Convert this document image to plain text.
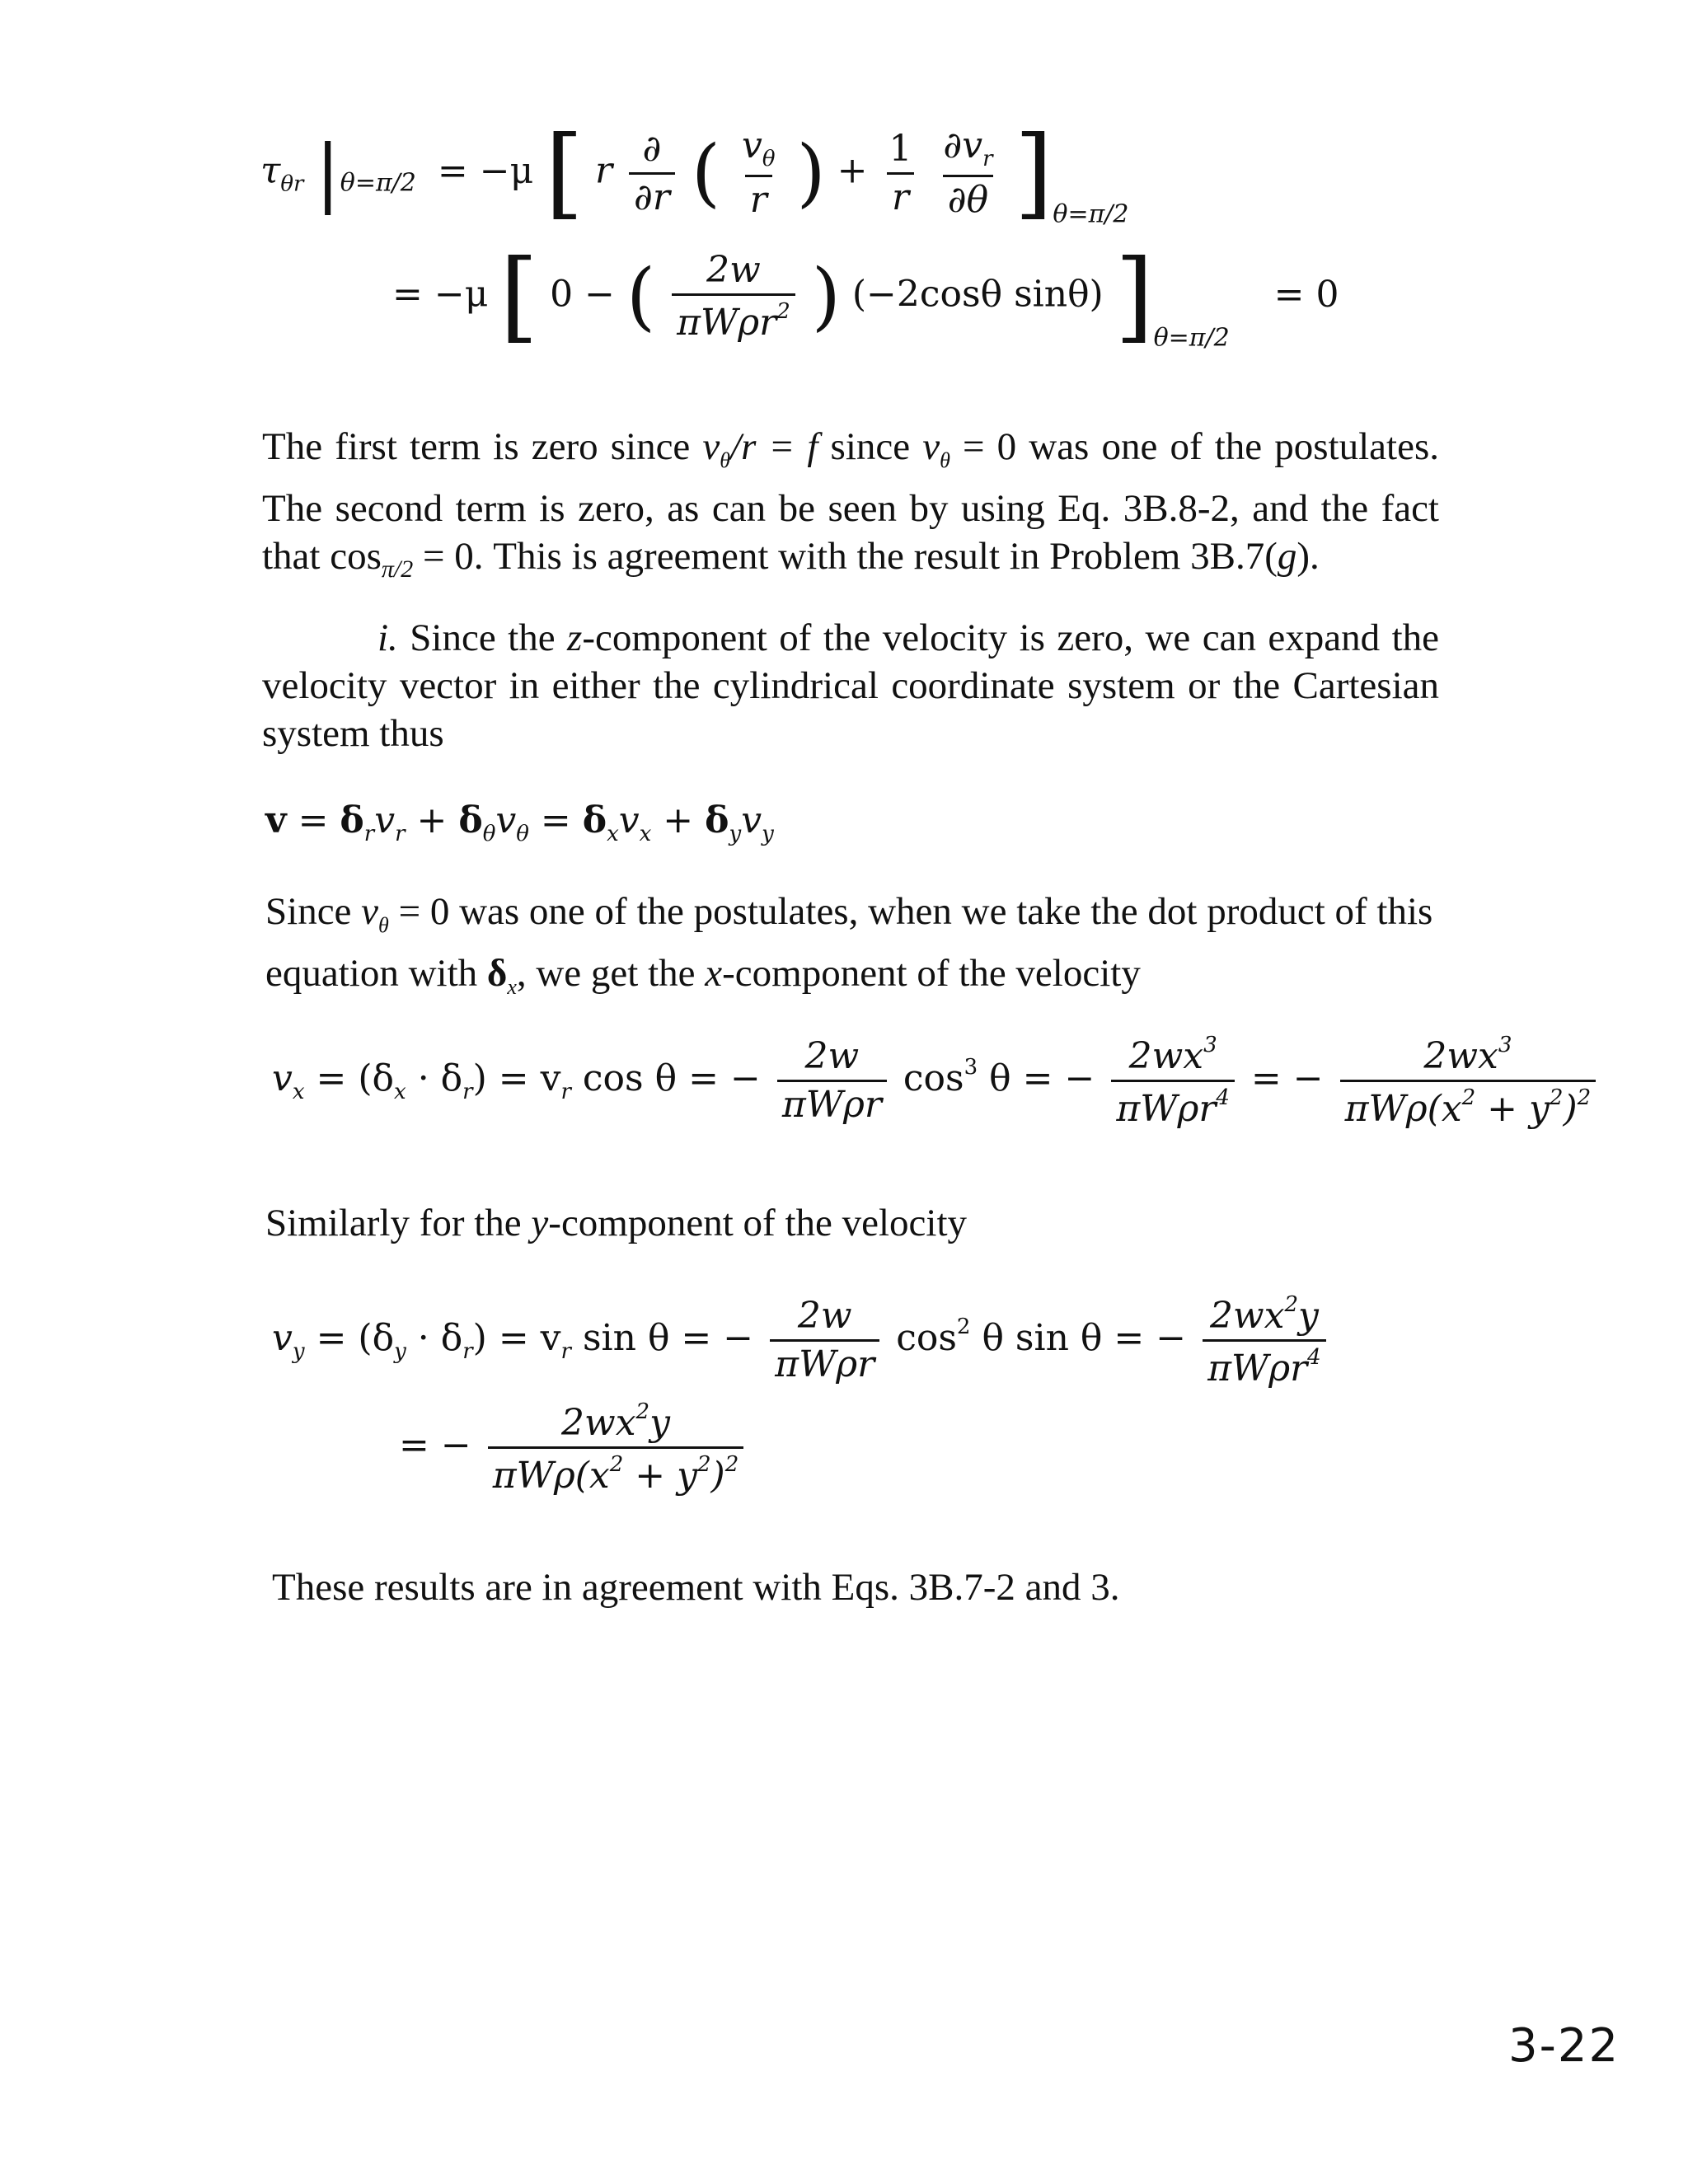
$\tau_{\theta r}$ $|_{\theta=\pi/2} = -\mu$ [ r $\frac{\partial}{\partial r}$ ( $\frac{v_\theta}{r}$ ) + $\frac{1}{r}$
$\frac{\partial v_r}{\partial\theta} ]_{\theta=\pi/2}$
= −μ [ 0 − ( $\frac{2w}{\pi W\rho r^2}$ ) (−2cosθ sinθ) ]$_{\theta=\pi/2} = 0$
The first term is zero since $v_\theta/r = f$ since $v_\theta = 0$ was one of the postulates. The second term is zero, as can be seen by using Eq. 3B.8-2, and the fact that $\cos_{\pi/2} = 0$. This is agreement with the result in Problem 3B.7(g).
i. Since the z-component of the velocity is zero, we can expand the velocity vector in either the cylindrical coordinate system or the Cartesian system thus
$v = \delta_rv_r + \delta_\theta v_\theta = \delta_xv_x + \delta_yv_y$
Since $v_\theta = 0$ was one of the postulates, when we take the dot product of this equation with $\delta_x$, we get the x-component of the velocity
$v_x = (\delta_x \cdot \delta_r) = v_r$ cos θ = − $\frac{2w}{\text{πWρr}} \cos^3 \theta$ = − $\frac{2wx^3}{\pi W\rho r^4}$ = − $\frac{2wx^3}{\pi W\rho(x^2 + y^2)^2}$
Similarly for the y-component of the velocity
$v_y = (\delta_y \cdot \delta_r) = v_r$ sin θ = − $\frac{2w}{\text{πWρr}} \cos^2 \theta$ sin θ = − $\frac{2wx^2y}{\pi W\rho r^4}$
= − $\frac{2wx^2y}{\pi W\rho(x^2 + y^2)^2}$
These results are in agreement with Eqs. 3B.7-2 and 3.
3-22
